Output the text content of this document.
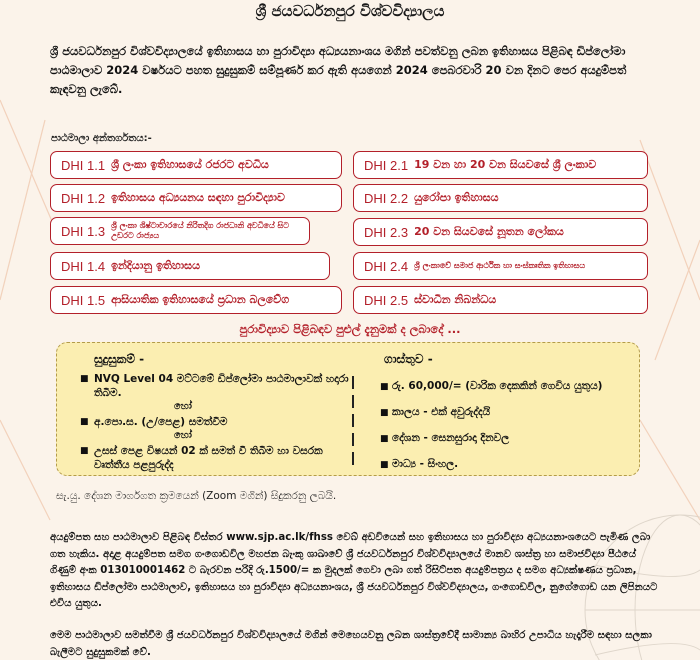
ශ්‍රී ජයවර්ධනපුර විශ්වවිද්‍යාලය
ශ්‍රී ජයවර්ධනපුර විශ්වවිද්‍යාලයේ ඉතිහාසය හා පුරාවිද්‍යා අධ්‍යයනාංශය මගින් පවත්වනු ලබන ඉතිහාසය පිළිබඳ ඩිප්ලෝමා පාඨමාලාව 2024 වර්ෂයට පහත සුදුසුකම් සම්පූර්ණ කර ඇති අයගෙන් 2024 පෙබරවාරි 20 වන දිනට පෙර අයදුම්පත් කැඳවනු ලැබේ.
පාඨමාලා අන්තර්ගතය:-
DHI 1.1 ශ්‍රී ලංකා ඉතිහාසයේ රජරට අවධිය
DHI 1.2 ඉතිහාසය අධ්‍යයනය සඳහා පුරාවිද්‍යාව
DHI 1.3 ශ්‍රී ලංකා ශිෂ්ටාචාරයේ නිරිතදිග රාජධානි අවධියේ සිට උඩරට රාජ්‍යය
DHI 1.4 ඉන්දියානු ඉතිහාසය
DHI 1.5 ආසියාතික ඉතිහාසයේ ප්‍රධාන බලවේග
DHI 2.1 19 වන හා 20 වන සියවසේ ශ්‍රී ලංකාව
DHI 2.2 යුරෝපා ඉතිහාසය
DHI 2.3 20 වන සියවසේ නූතන ලෝකය
DHI 2.4 ශ්‍රී ලංකාවේ සමාජ ආර්ථික හා සංස්කෘතික ඉතිහාසය
DHI 2.5 ස්වාධීන නිබන්ධය
පුරාවිද්‍යාව පිළිබඳව පුළුල් දැනුමක් ද ලබාදේ ...
සුදුසුකම් -	ගාස්තුව -
■ NVQ Level 04 මට්ටමේ ඩිප්ලෝමා පාඨමාලාවක් හදාරා තිබීම.
හෝ
■ අ.පො.ස. (උ/පෙළ) සමත්වීම
හෝ
■ උසස් පෙළ විෂයන් 02 ක් සමත් වී තිබීම හා වසරක වෘත්තීය පළපුරුද්ද
■ රු. 60,000/= (වාරික දෙකකින් ගෙවිය යුතුය)
■ කාලය - එක් අවුරුද්දයි
■ දේශන - සෙනසුරාදා දිනවල
■ මාධ්‍ය - සිංහල.
සැ.යු. දේශන මාර්ගගත ක්‍රමයෙන් (Zoom මගින්) සිදුකරනු ලබයි.
අයදුම්පත සහ පාඨමාලාව පිළිබඳ විස්තර www.sjp.ac.lk/fhss වෙබ් අඩවියෙන් සහ ඉතිහාසය හා පුරාවිද්‍යා අධ්‍යයනාංශයෙට පැමිණ ලබා ගත හැකිය. අදාළ අයදුම්පත සමග ගංගොඩවිල මහජන බැංකු ශාඛාවේ ශ්‍රී ජයවර්ධනපුර විශ්වවිද්‍යාලයේ මානව ශාස්ත්‍ර හා සමාජවිද්‍යා පීඨයේ ගිණුම් අංක 013010001462 ට බැරවන පරිදි රු.1500/= ක මුදලක් ගෙවා ලබා ගත් රිසිට්පත අයදුම්පත්‍රය ද සමග අධ්‍යක්ෂණය ප්‍රධාන, ඉතිහාසය ඩිප්ලෝමා පාඨමාලාව, ඉතිහාසය හා පුරාවිද්‍යා අධ්‍යයනාංශය, ශ්‍රී ජයවර්ධනපුර විශ්වවිද්‍යාලය, ගංගොඩවිල, නුගේගොඩ යන ලිපිනයට එවිය යුතුය.
මෙම පාඨමාලාව සමත්වීම ශ්‍රී ජයවර්ධනපුර විශ්වවිද්‍යාලයේ මගින් මෙහෙයවනු ලබන ශාස්ත්‍රවේදී සාමාන්‍ය බාහිර උපාධිය හැදෑරීම සඳහා සලකා බැලීමට සුදුසුකමක් වේ.
